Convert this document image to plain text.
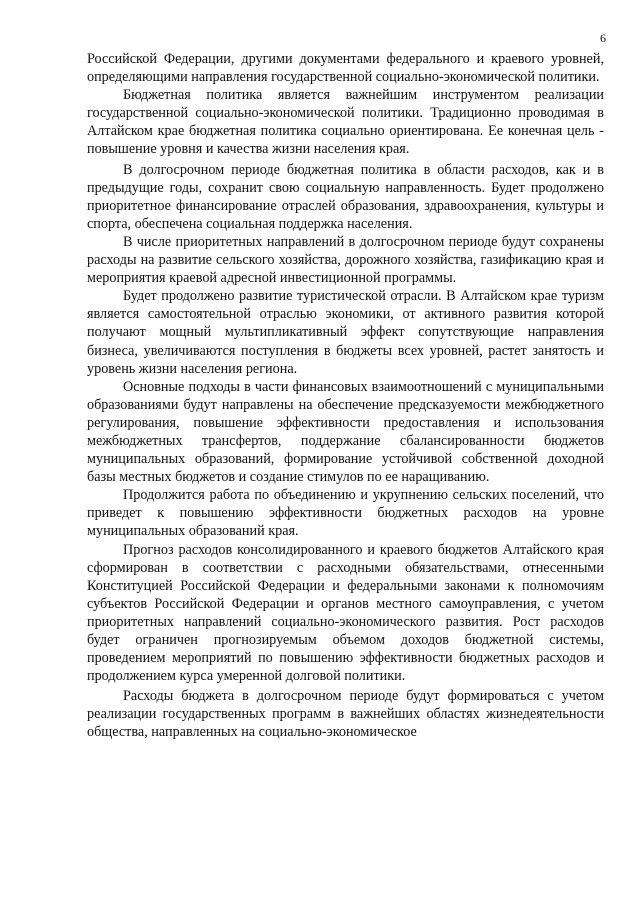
6

Российской Федерации, другими документами федерального и краевого уровней, определяющими направления государственной социально-экономической политики.

Бюджетная политика является важнейшим инструментом реализации государственной социально-экономической политики. Традиционно проводимая в Алтайском крае бюджетная политика социально ориентирована. Ее конечная цель - повышение уровня и качества жизни населения края.

В долгосрочном периоде бюджетная политика в области расходов, как и в предыдущие годы, сохранит свою социальную направленность. Будет продолжено приоритетное финансирование отраслей образования, здравоохранения, культуры и спорта, обеспечена социальная поддержка населения.

В числе приоритетных направлений в долгосрочном периоде будут сохранены расходы на развитие сельского хозяйства, дорожного хозяйства, газификацию края и мероприятия краевой адресной инвестиционной программы.

Будет продолжено развитие туристической отрасли. В Алтайском крае туризм является самостоятельной отраслью экономики, от активного развития которой получают мощный мультипликативный эффект сопутствующие направления бизнеса, увеличиваются поступления в бюджеты всех уровней, растет занятость и уровень жизни населения региона.

Основные подходы в части финансовых взаимоотношений с муниципальными образованиями будут направлены на обеспечение предсказуемости межбюджетного регулирования, повышение эффективности предоставления и использования межбюджетных трансфертов, поддержание сбалансированности бюджетов муниципальных образований, формирование устойчивой собственной доходной базы местных бюджетов и создание стимулов по ее наращиванию.

Продолжится работа по объединению и укрупнению сельских поселений, что приведет к повышению эффективности бюджетных расходов на уровне муниципальных образований края.

Прогноз расходов консолидированного и краевого бюджетов Алтайского края сформирован в соответствии с расходными обязательствами, отнесенными Конституцией Российской Федерации и федеральными законами к полномочиям субъектов Российской Федерации и органов местного самоуправления, с учетом приоритетных направлений социально-экономического развития. Рост расходов будет ограничен прогнозируемым объемом доходов бюджетной системы, проведением мероприятий по повышению эффективности бюджетных расходов и продолжением курса умеренной долговой политики.

Расходы бюджета в долгосрочном периоде будут формироваться с учетом реализации государственных программ в важнейших областях жизнедеятельности общества, направленных на социально-экономическое
